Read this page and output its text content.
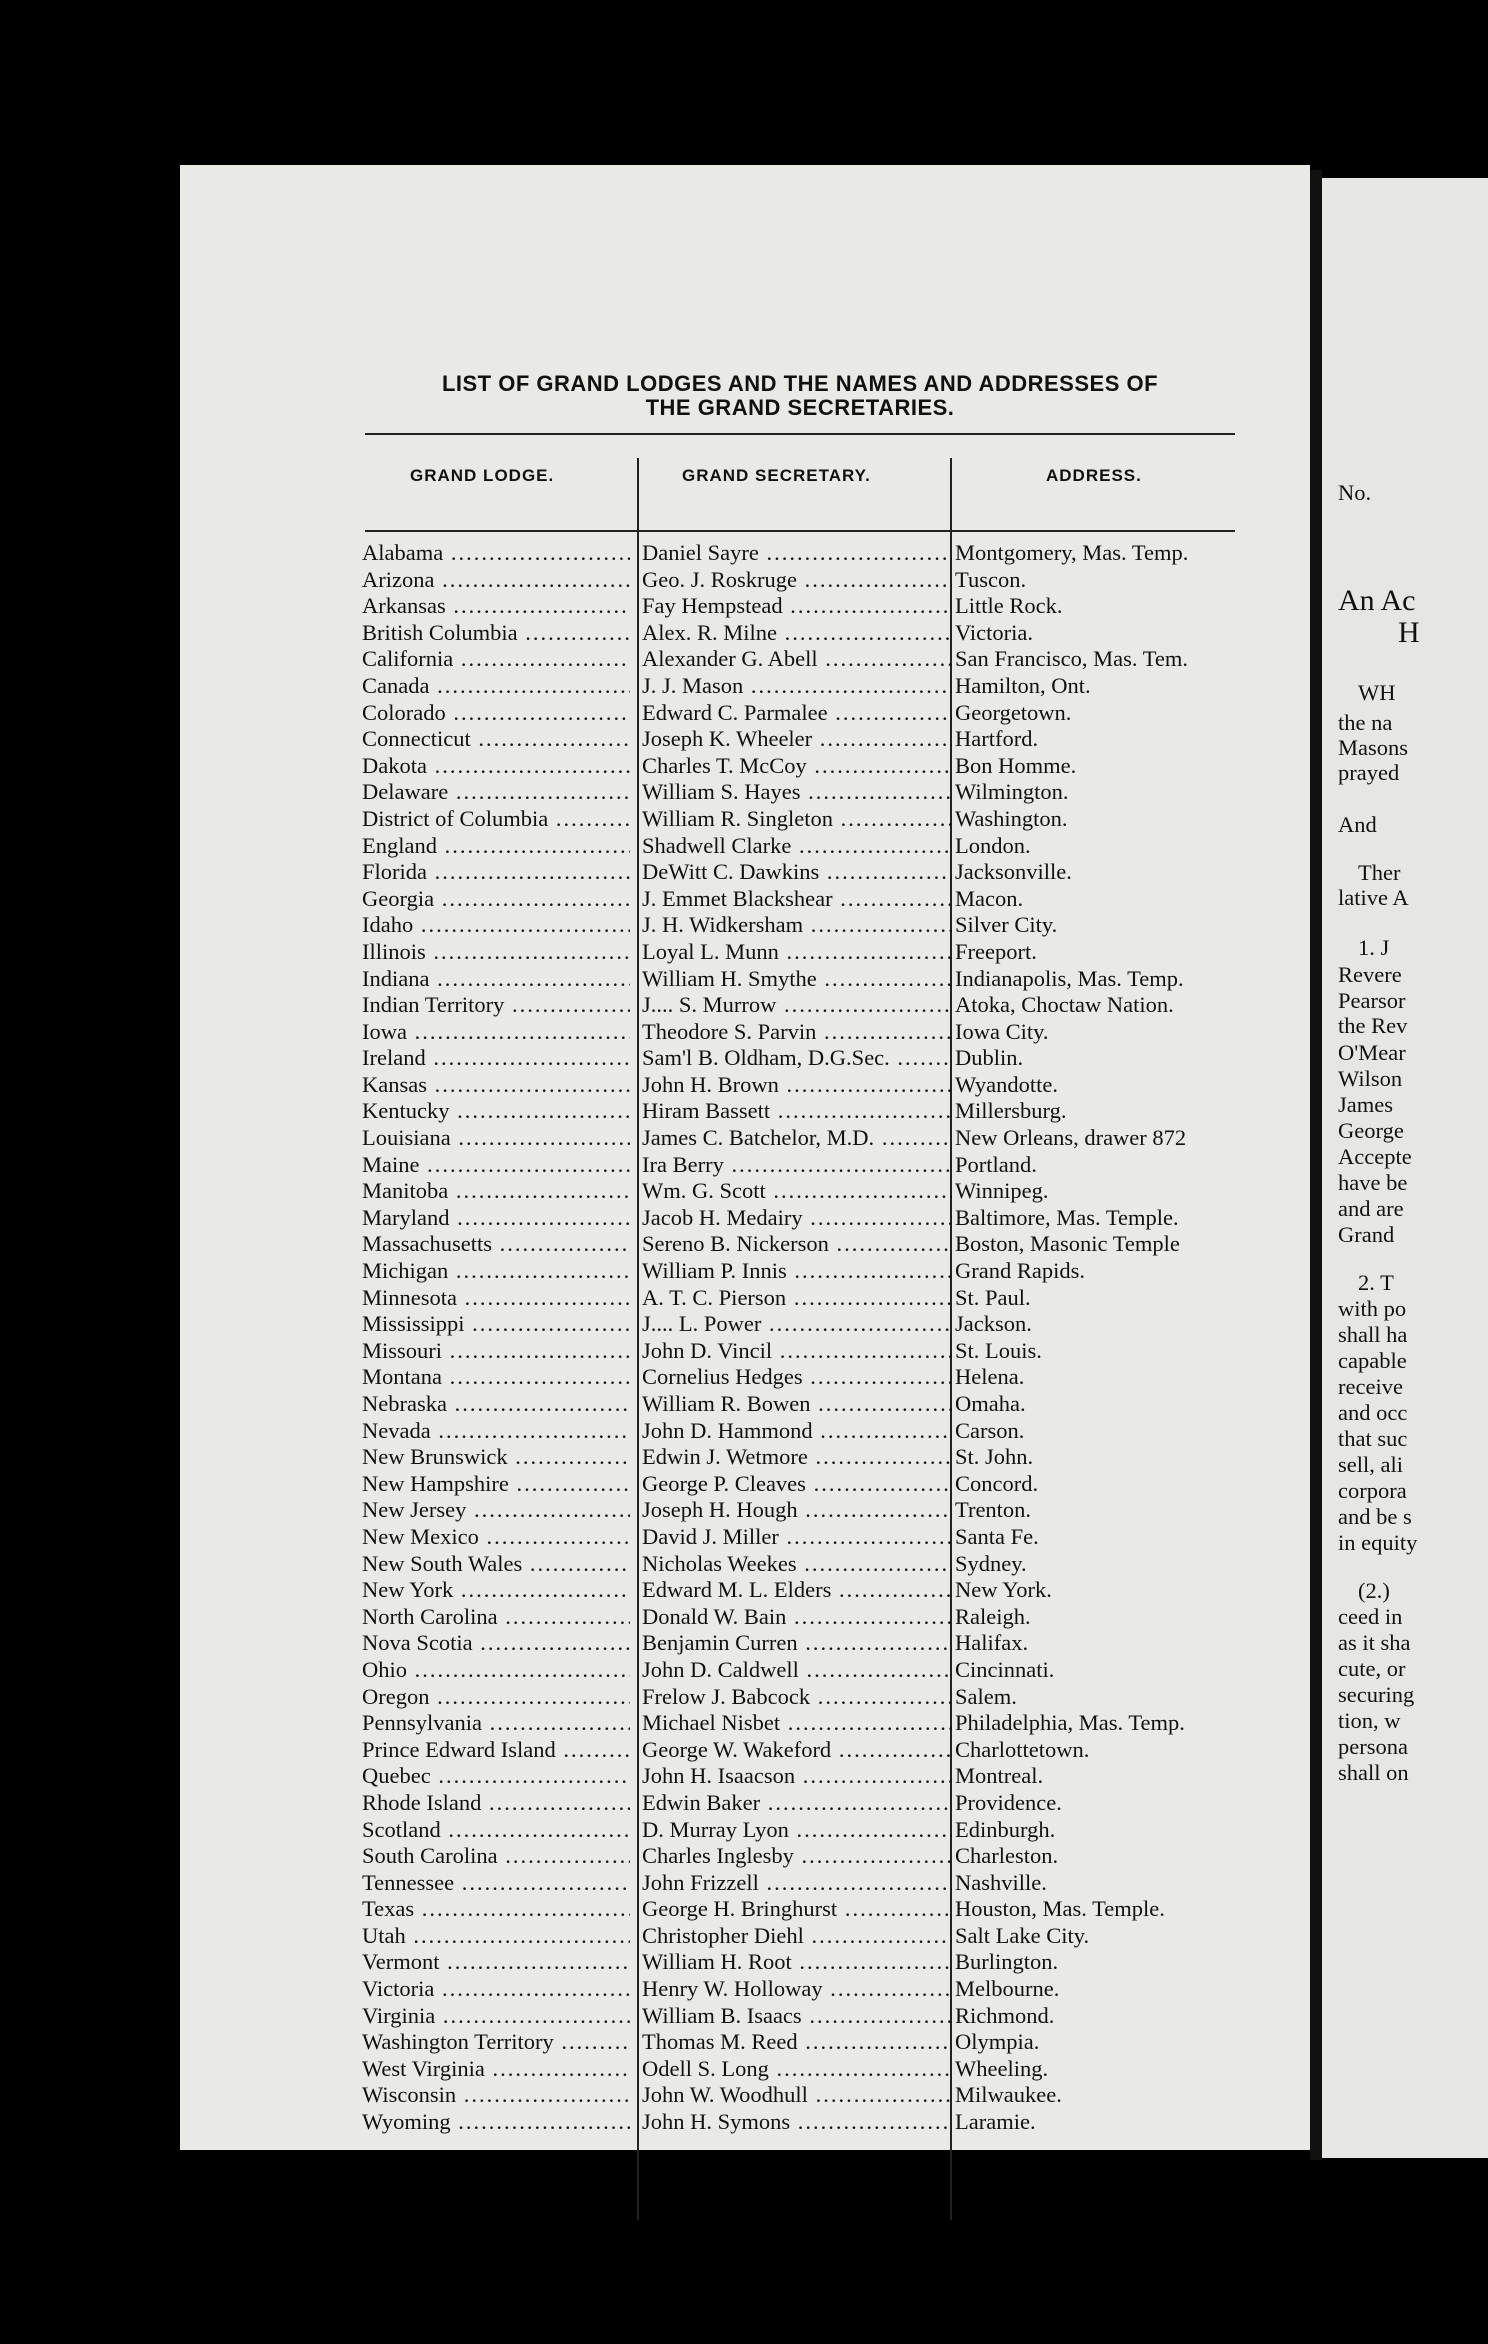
LIST OF GRAND LODGES AND THE NAMES AND ADDRESSES OF
THE GRAND SECRETARIES.
GRAND LODGE.	GRAND SECRETARY.	ADDRESS.
Alabama .....	Daniel Sayre .....	Montgomery, Mas. Temp.
Arizona .....	Geo. J. Roskruge .....	Tuscon.
Arkansas .....	Fay Hempstead .....	Little Rock.
British Columbia .....	Alex. R. Milne .....	Victoria.
California .....	Alexander G. Abell .....	San Francisco, Mas. Tem.
Canada .....	J. J. Mason .....	Hamilton, Ont.
Colorado .....	Edward C. Parmalee .....	Georgetown.
Connecticut .....	Joseph K. Wheeler .....	Hartford.
Dakota .....	Charles T. McCoy .....	Bon Homme.
Delaware .....	William S. Hayes .....	Wilmington.
District of Columbia .....	William R. Singleton .....	Washington.
England .....	Shadwell Clarke .....	London.
Florida .....	DeWitt C. Dawkins .....	Jacksonville.
Georgia .....	J. Emmet Blackshear .....	Macon.
Idaho .....	J. H. Widkersham .....	Silver City.
Illinois .....	Loyal L. Munn .....	Freeport.
Indiana .....	William H. Smythe .....	Indianapolis, Mas. Temp.
Indian Territory .....	J.... S. Murrow .....	Atoka, Choctaw Nation.
Iowa .....	Theodore S. Parvin .....	Iowa City.
Ireland .....	Sam'l B. Oldham, D.G.Sec. .....	Dublin.
Kansas .....	John H. Brown .....	Wyandotte.
Kentucky .....	Hiram Bassett .....	Millersburg.
Louisiana .....	James C. Batchelor, M.D. .....	New Orleans, drawer 872
Maine .....	Ira Berry .....	Portland.
Manitoba .....	Wm. G. Scott .....	Winnipeg.
Maryland .....	Jacob H. Medairy .....	Baltimore, Mas. Temple.
Massachusetts .....	Sereno B. Nickerson .....	Boston, Masonic Temple
Michigan .....	William P. Innis .....	Grand Rapids.
Minnesota .....	A. T. C. Pierson .....	St. Paul.
Mississippi .....	J.... L. Power .....	Jackson.
Missouri .....	John D. Vincil .....	St. Louis.
Montana .....	Cornelius Hedges .....	Helena.
Nebraska .....	William R. Bowen .....	Omaha.
Nevada .....	John D. Hammond .....	Carson.
New Brunswick .....	Edwin J. Wetmore .....	St. John.
New Hampshire .....	George P. Cleaves .....	Concord.
New Jersey .....	Joseph H. Hough .....	Trenton.
New Mexico .....	David J. Miller .....	Santa Fe.
New South Wales .....	Nicholas Weekes .....	Sydney.
New York .....	Edward M. L. Elders .....	New York.
North Carolina .....	Donald W. Bain .....	Raleigh.
Nova Scotia .....	Benjamin Curren .....	Halifax.
Ohio .....	John D. Caldwell .....	Cincinnati.
Oregon .....	Frelow J. Babcock .....	Salem.
Pennsylvania .....	Michael Nisbet .....	Philadelphia, Mas. Temp.
Prince Edward Island .....	George W. Wakeford .....	Charlottetown.
Quebec .....	John H. Isaacson .....	Montreal.
Rhode Island .....	Edwin Baker .....	Providence.
Scotland .....	D. Murray Lyon .....	Edinburgh.
South Carolina .....	Charles Inglesby .....	Charleston.
Tennessee .....	John Frizzell .....	Nashville.
Texas .....	George H. Bringhurst .....	Houston, Mas. Temple.
Utah .....	Christopher Diehl .....	Salt Lake City.
Vermont .....	William H. Root .....	Burlington.
Victoria .....	Henry W. Holloway .....	Melbourne.
Virginia .....	William B. Isaacs .....	Richmond.
Washington Territory .....	Thomas M. Reed .....	Olympia.
West Virginia .....	Odell S. Long .....	Wheeling.
Wisconsin .....	John W. Woodhull .....	Milwaukee.
Wyoming .....	John H. Symons .....	Laramie.
No.
An Ac
H
WH
the na
Masons
prayed
And
Ther
lative A
1. J
Revere
Pearsor
the Rev
O'Mear
Wilson
James
George
Accepte
have be
and are
Grand
2. T
with po
shall ha
capable
receive
and occ
that suc
sell, ali
corpora
and be s
in equity
(2.)
ceed in
as it sha
cute, or
securing
tion, w
persona
shall on
